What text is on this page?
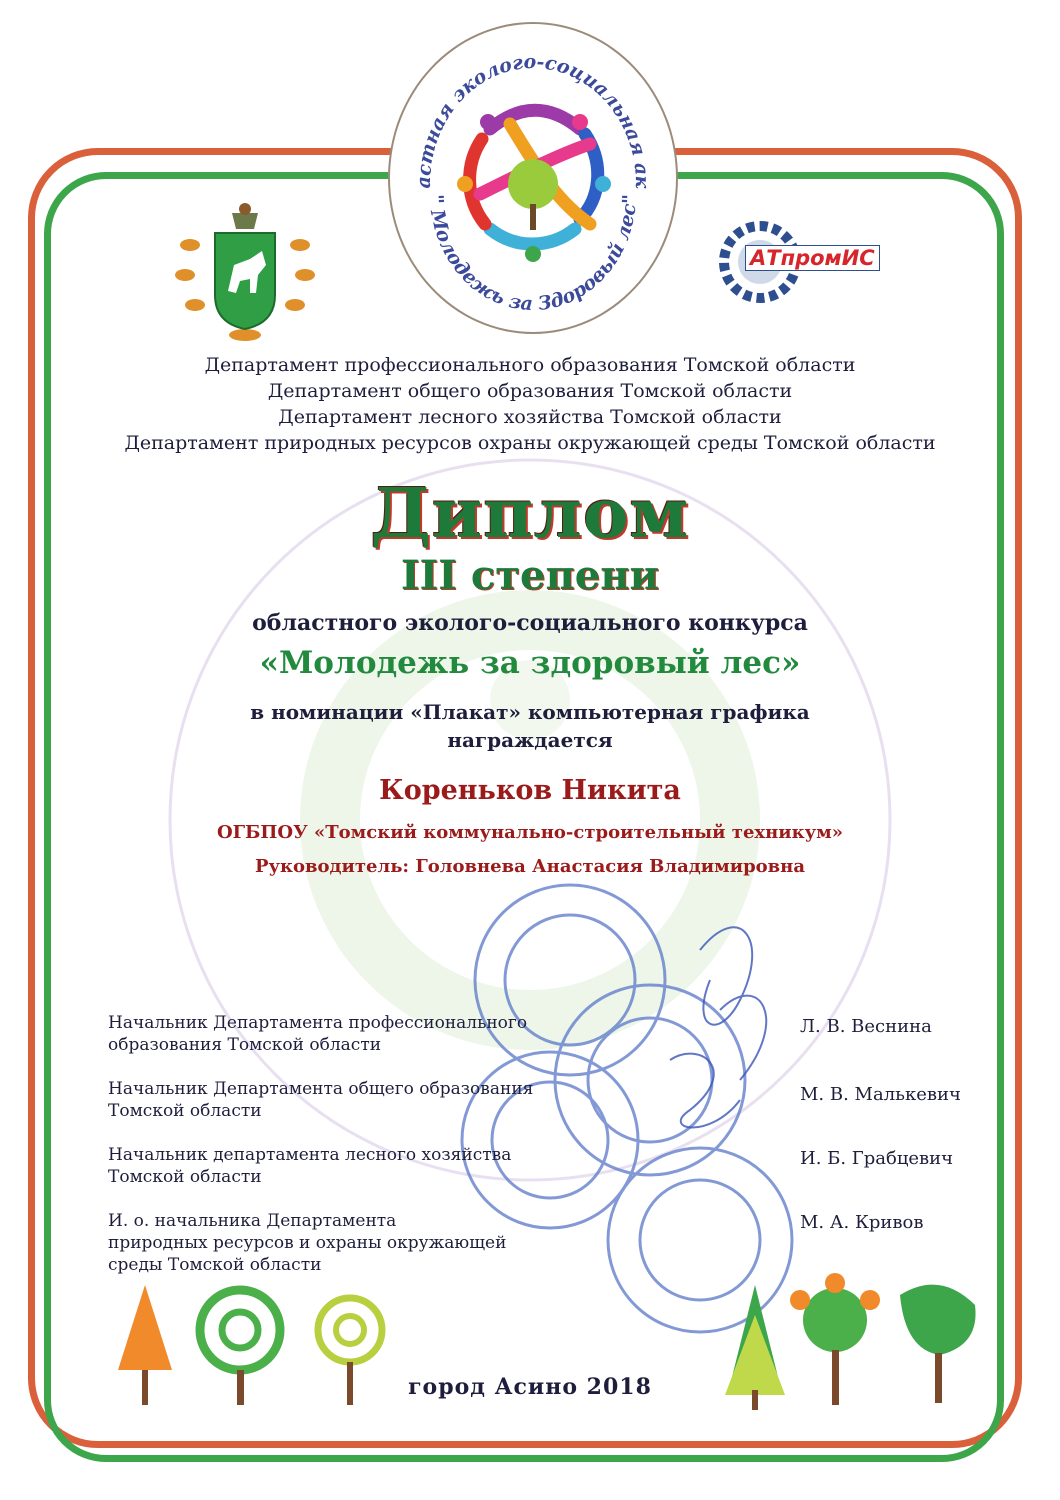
астная эколого-социальная ак
" Молодежь за Здоровый лес"
АТпромИС
Департамент профессионального образования Томской области
Департамент общего образования Томской области
Департамент лесного хозяйства Томской области
Департамент природных ресурсов охраны окружающей среды Томской области
Диплом
III степени
областного эколого-социального конкурса
«Молодежь за здоровый лес»
в номинации «Плакат» компьютерная графика
награждается
Кореньков Никита
ОГБПОУ «Томский коммунально-строительный техникум»
Руководитель: Головнева Анастасия Владимировна
Начальник Департамента профессионального
образования Томской области
Л. В. Веснина
Начальник Департамента общего образования
Томской области
М. В. Малькевич
Начальник департамента лесного хозяйства
Томской области
И. Б. Грабцевич
И. о. начальника Департамента
природных ресурсов и охраны окружающей
среды Томской области
М. А. Кривов
город Асино 2018
